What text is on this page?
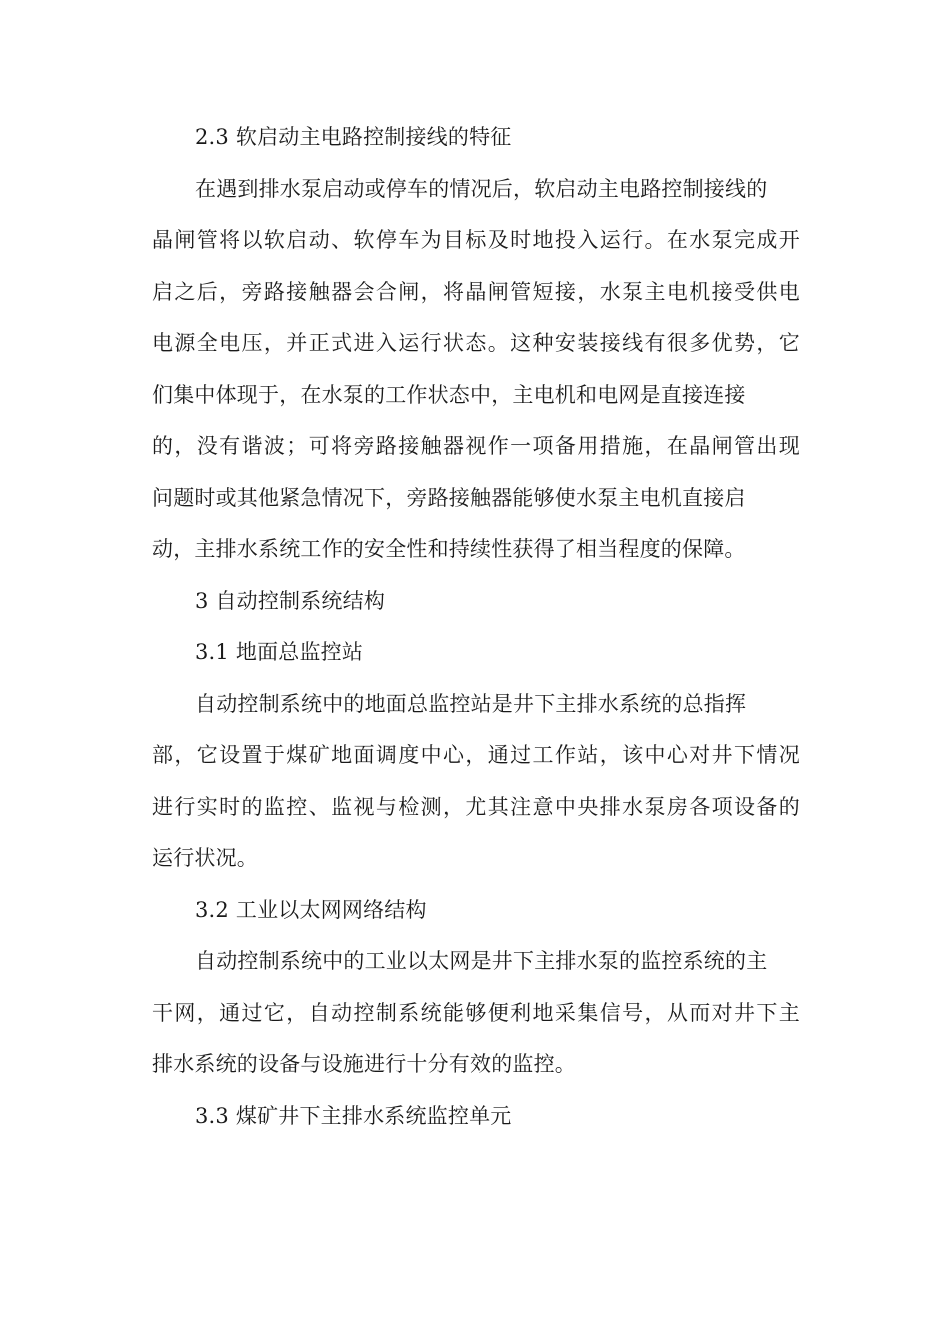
2.3 软启动主电路控制接线的特征
在遇到排水泵启动或停车的情况后，软启动主电路控制接线的
晶闸管将以软启动、软停车为目标及时地投入运行。在水泵完成开
启之后，旁路接触器会合闸，将晶闸管短接，水泵主电机接受供电
电源全电压，并正式进入运行状态。这种安装接线有很多优势，它
们集中体现于，在水泵的工作状态中，主电机和电网是直接连接
的，没有谐波；可将旁路接触器视作一项备用措施，在晶闸管出现
问题时或其他紧急情况下，旁路接触器能够使水泵主电机直接启
动，主排水系统工作的安全性和持续性获得了相当程度的保障。
3 自动控制系统结构
3.1 地面总监控站
自动控制系统中的地面总监控站是井下主排水系统的总指挥
部，它设置于煤矿地面调度中心，通过工作站，该中心对井下情况
进行实时的监控、监视与检测，尤其注意中央排水泵房各项设备的
运行状况。
3.2 工业以太网网络结构
自动控制系统中的工业以太网是井下主排水泵的监控系统的主
干网，通过它，自动控制系统能够便利地采集信号，从而对井下主
排水系统的设备与设施进行十分有效的监控。
3.3 煤矿井下主排水系统监控单元
